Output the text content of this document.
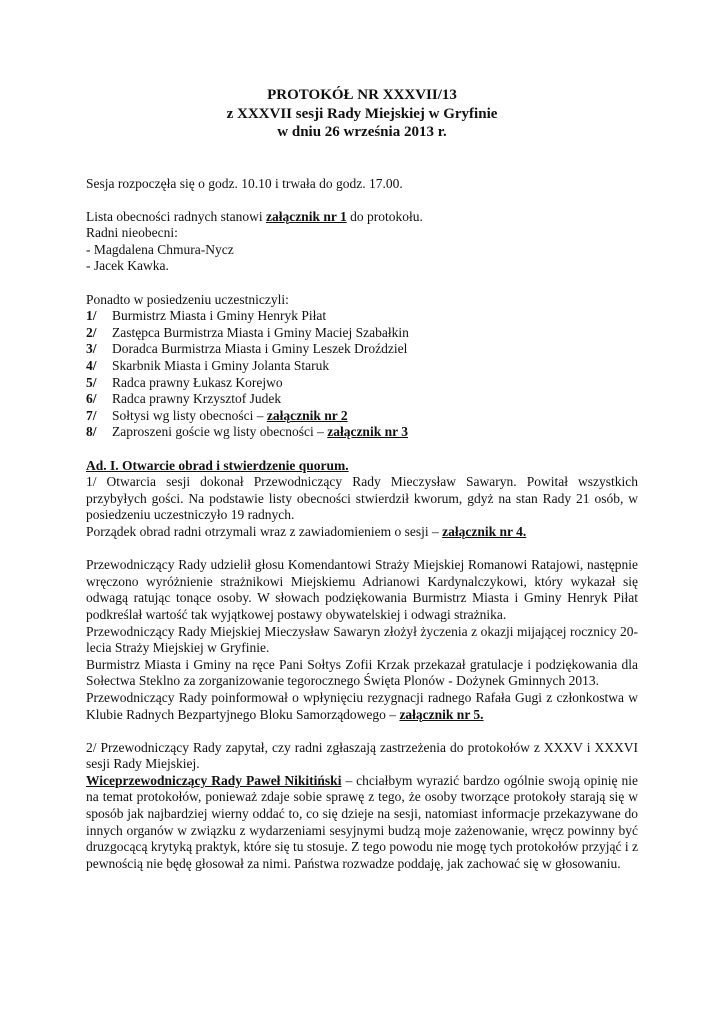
PROTOKÓŁ NR XXXVII/13

z XXXVII sesji Rady Miejskiej w Gryfinie

w dniu 26 września 2013 r.

Sesja rozpoczęła się o godz. 10.10 i trwała do godz. 17.00.

Lista obecności radnych stanowi załącznik nr 1 do protokołu.

Radni nieobecni:

- Magdalena Chmura-Nycz

- Jacek Kawka.

Ponadto w posiedzeniu uczestniczyli:

1/ Burmistrz Miasta i Gminy Henryk Piłat

2/ Zastępca Burmistrza Miasta i Gminy Maciej Szabałkin

3/ Doradca Burmistrza Miasta i Gminy Leszek Droździel

4/ Skarbnik Miasta i Gminy Jolanta Staruk

5/ Radca prawny Łukasz Korejwo

6/ Radca prawny Krzysztof Judek

7/ Sołtysi wg listy obecności – załącznik nr 2

8/ Zaproszeni goście wg listy obecności – załącznik nr 3

Ad. I. Otwarcie obrad i stwierdzenie quorum.

1/ Otwarcia sesji dokonał Przewodniczący Rady Mieczysław Sawaryn. Powitał wszystkich przybyłych gości. Na podstawie listy obecności stwierdził kworum, gdyż na stan Rady 21 osób, w posiedzeniu uczestniczyło 19 radnych.

Porządek obrad radni otrzymali wraz z zawiadomieniem o sesji – załącznik nr 4.

Przewodniczący Rady udzielił głosu Komendantowi Straży Miejskiej Romanowi Ratajowi, następnie wręczono wyróżnienie strażnikowi Miejskiemu Adrianowi Kardynalczykowi, który wykazał się odwagą ratując tonące osoby. W słowach podziękowania Burmistrz Miasta i Gminy Henryk Piłat podkreślał wartość tak wyjątkowej postawy obywatelskiej i odwagi strażnika.

Przewodniczący Rady Miejskiej Mieczysław Sawaryn złożył życzenia z okazji mijającej rocznicy 20-lecia Straży Miejskiej w Gryfinie.

Burmistrz Miasta i Gminy na ręce Pani Sołtys Zofii Krzak przekazał gratulacje i podziękowania dla Sołectwa Steklno za zorganizowanie tegorocznego Święta Plonów - Dożynek Gminnych 2013.

Przewodniczący Rady poinformował o wpłynięciu rezygnacji radnego Rafała Gugi z członkostwa w Klubie Radnych Bezpartyjnego Bloku Samorządowego – załącznik nr 5.

2/ Przewodniczący Rady zapytał, czy radni zgłaszają zastrzeżenia do protokołów z XXXV i XXXVI sesji Rady Miejskiej.

Wiceprzewodniczący Rady Paweł Nikitiński – chciałbym wyrazić bardzo ogólnie swoją opinię nie na temat protokołów, ponieważ zdaje sobie sprawę z tego, że osoby tworzące protokoły starają się w sposób jak najbardziej wierny oddać to, co się dzieje na sesji, natomiast informacje przekazywane do innych organów w związku z wydarzeniami sesyjnymi budzą moje zażenowanie, wręcz powinny być druzgocącą krytyką praktyk, które się tu stosuje. Z tego powodu nie mogę tych protokołów przyjąć i z pewnością nie będę głosował za nimi. Państwa rozwadze poddaję, jak zachować się w głosowaniu.
